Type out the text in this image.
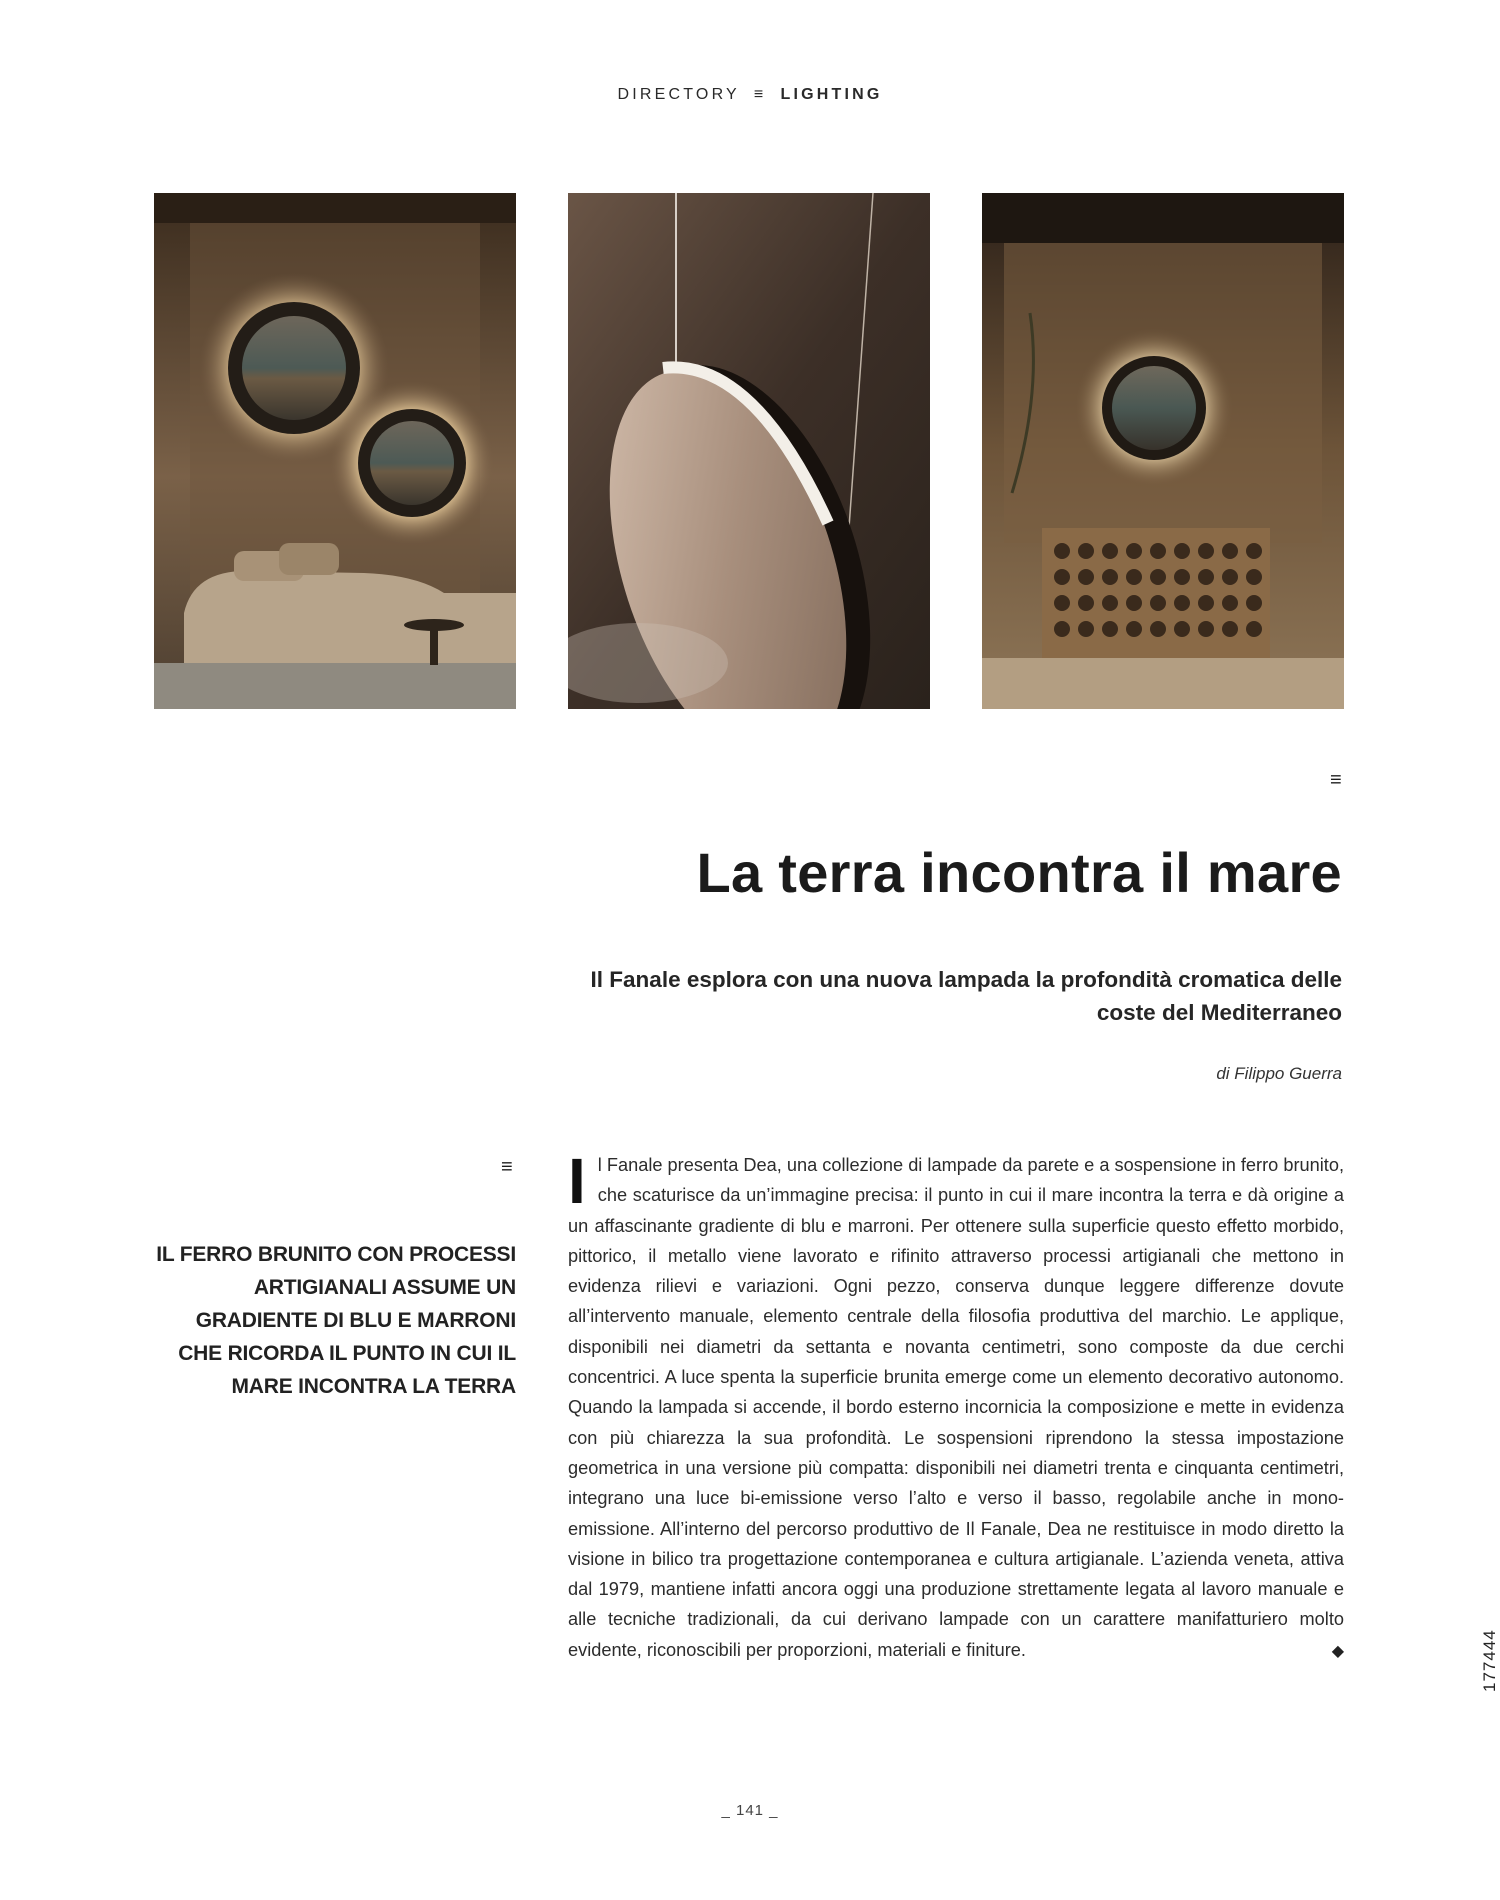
DIRECTORY ≡ LIGHTING
≡
La terra incontra il mare

Il Fanale esplora con una nuova lampada la profondità cromatica delle coste del Mediterraneo

di Filippo Guerra
≡
IL FERRO BRUNITO CON PROCESSI ARTIGIANALI ASSUME UN GRADIENTE DI BLU E MARRONI CHE RICORDA IL PUNTO IN CUI IL MARE INCONTRA LA TERRA
I l Fanale presenta Dea, una collezione di lampade da parete e a sospensione in ferro brunito, che scaturisce da un’immagine precisa: il punto in cui il mare incontra la terra e dà origine a un affascinante gradiente di blu e marroni. Per ottenere sulla superficie questo effetto morbido, pittorico, il metallo viene lavorato e rifinito attraverso processi artigianali che mettono in evidenza rilievi e variazioni. Ogni pezzo, conserva dunque leggere differenze dovute all’intervento manuale, elemento centrale della filosofia produttiva del marchio. Le applique, disponibili nei diametri da settanta e novanta centimetri, sono composte da due cerchi concentrici. A luce spenta la superficie brunita emerge come un elemento decorativo autonomo. Quando la lampada si accende, il bordo esterno incornicia la composizione e mette in evidenza con più chiarezza la sua profondità. Le sospensioni riprendono la stessa impostazione geometrica in una versione più compatta: disponibili nei diametri trenta e cinquanta centimetri, integrano una luce bi-emissione verso l’alto e verso il basso, regolabile anche in mono-emissione. All’interno del percorso produttivo de Il Fanale, Dea ne restituisce in modo diretto la visione in bilico tra progettazione contemporanea e cultura artigianale. L’azienda veneta, attiva dal 1979, mantiene infatti ancora oggi una produzione strettamente legata al lavoro manuale e alle tecniche tradizionali, da cui derivano lampade con un carattere manifatturiero molto evidente, riconoscibili per proporzioni, materiali e finiture.	◆
_ 141 _
177444
